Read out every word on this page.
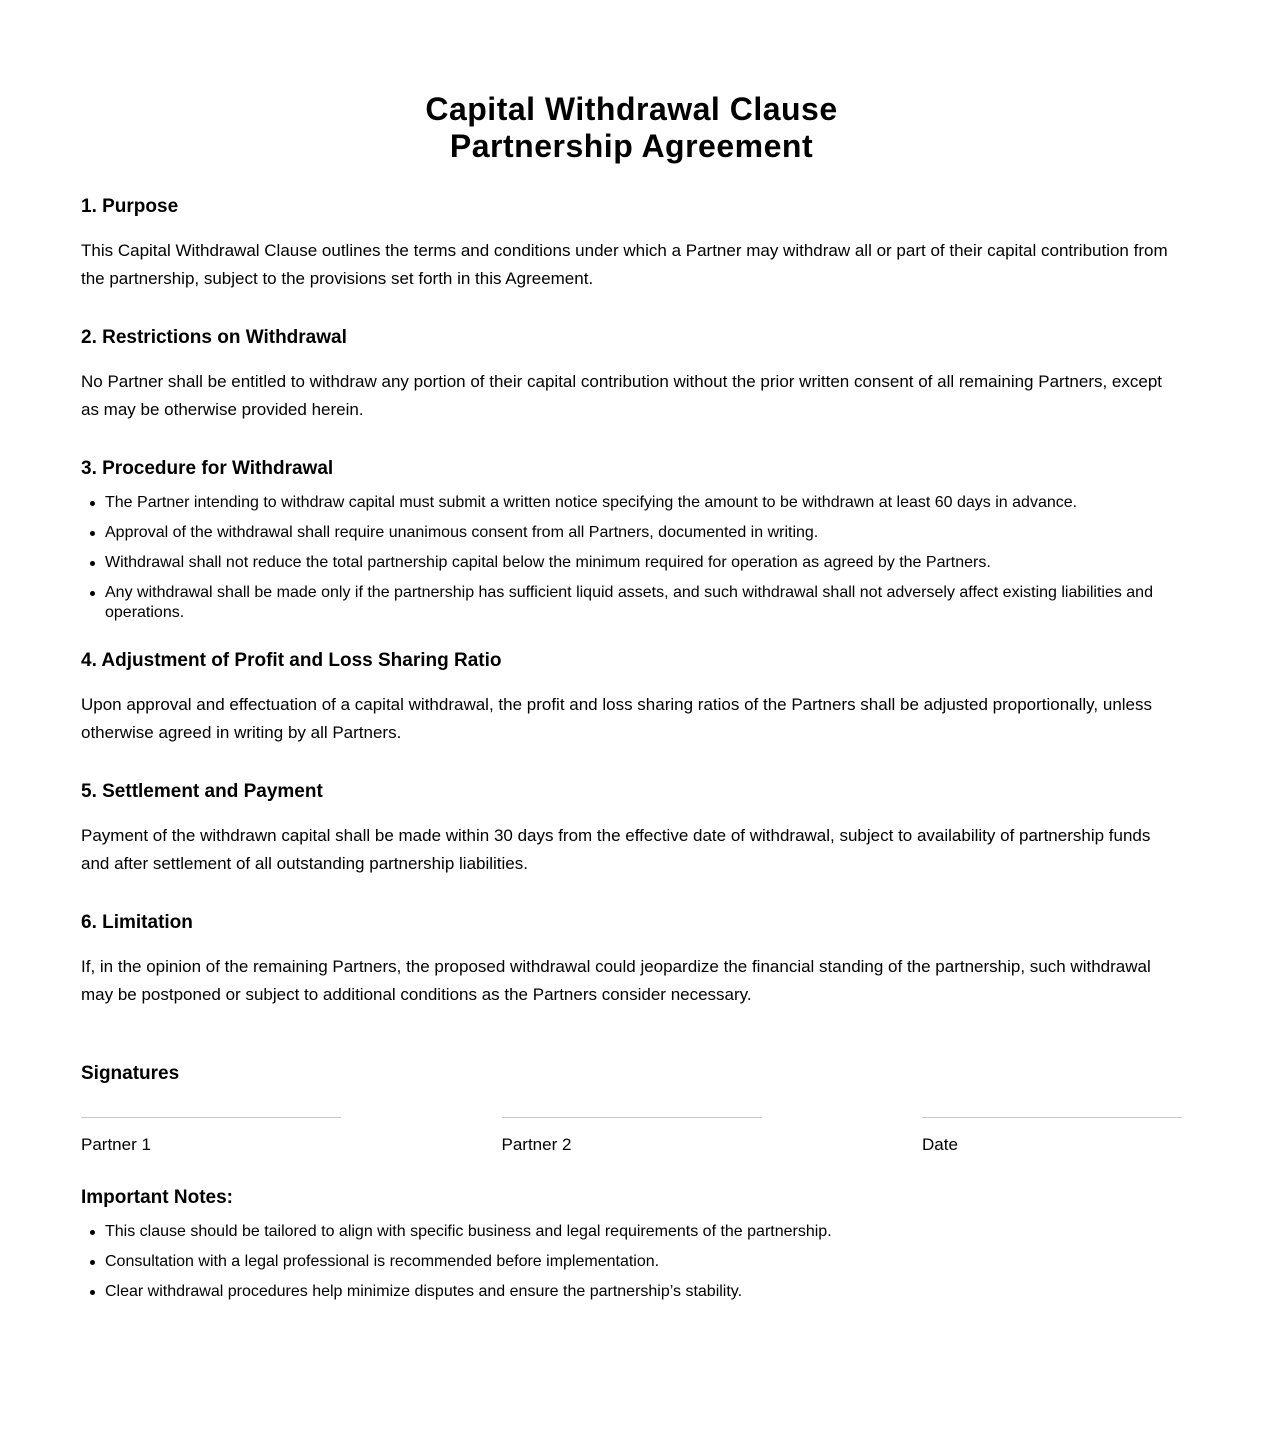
Capital Withdrawal Clause
Partnership Agreement
1. Purpose

This Capital Withdrawal Clause outlines the terms and conditions under which a Partner may withdraw all or part of their capital contribution from the partnership, subject to the provisions set forth in this Agreement.

2. Restrictions on Withdrawal

No Partner shall be entitled to withdraw any portion of their capital contribution without the prior written consent of all remaining Partners, except as may be otherwise provided herein.

3. Procedure for Withdrawal
The Partner intending to withdraw capital must submit a written notice specifying the amount to be withdrawn at least 60 days in advance.
Approval of the withdrawal shall require unanimous consent from all Partners, documented in writing.
Withdrawal shall not reduce the total partnership capital below the minimum required for operation as agreed by the Partners.
Any withdrawal shall be made only if the partnership has sufficient liquid assets, and such withdrawal shall not adversely affect existing liabilities and operations.
4. Adjustment of Profit and Loss Sharing Ratio

Upon approval and effectuation of a capital withdrawal, the profit and loss sharing ratios of the Partners shall be adjusted proportionally, unless otherwise agreed in writing by all Partners.

5. Settlement and Payment

Payment of the withdrawn capital shall be made within 30 days from the effective date of withdrawal, subject to availability of partnership funds and after settlement of all outstanding partnership liabilities.

6. Limitation

If, in the opinion of the remaining Partners, the proposed withdrawal could jeopardize the financial standing of the partnership, such withdrawal may be postponed or subject to additional conditions as the Partners consider necessary.

Signatures
Partner 1	Partner 2	Date
Important Notes:
This clause should be tailored to align with specific business and legal requirements of the partnership.
Consultation with a legal professional is recommended before implementation.
Clear withdrawal procedures help minimize disputes and ensure the partnership’s stability.
